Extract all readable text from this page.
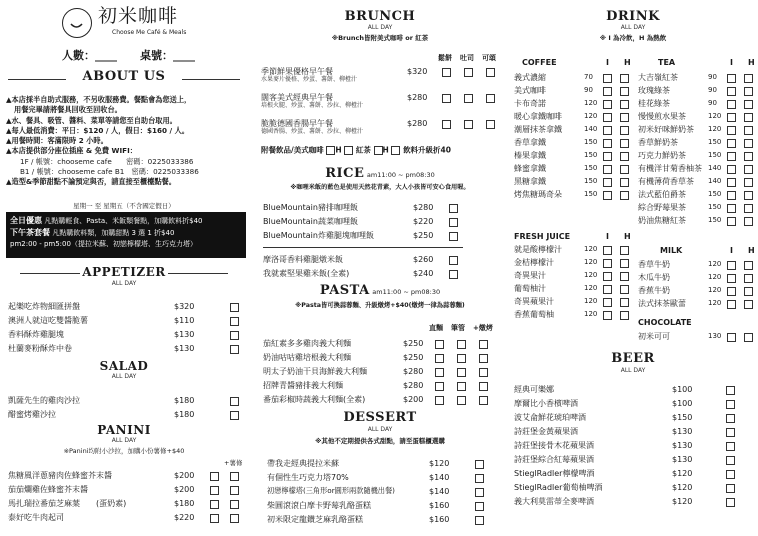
初米咖啡
Choose Me Café & Meals
人數：____ 桌號：____
ABOUT US
▲本店採半自助式服務，不另收服務費。餐點會為您送上，
用餐完畢請將餐具回收至回收台。
▲水、餐具、吸管、醬料、菜單等請您至自助台取用。
▲每人最低消費：平日：$120 / 人，假日：$160 / 人。
▲用餐時間：客滿限時 2 小時。
▲本店提供部分座位插座 & 免費 WIFI：
1F / 帳號：chooseme cafe　　密碼：0225033386
B1 / 帳號：chooseme cafe B1　密碼：0225033386
▲造型&季節甜點不論預定與否，請直接至櫃檯點餐。
星期一 至 星期五（不含國定假日）
全日優惠 凡點購輕食、Pasta、米飯類餐點，加購飲料折$40
下午茶套餐 凡點購飲料類，加購甜點 3 選 1 折$40
pm2:00 - pm5:00（提拉米蘇、初戀檸檬塔、生巧克力塔）
APPETIZER
ALL DAY
起樂吃炸物細匯拼盤	$320
澳洲人就這吃雙醬脆薯	$110
香料酥炸雞腿塊	$130
杜蘭麥粉酥炸中卷	$130
SALAD
ALL DAY
凱薩先生的雞肉沙拉	$180
醋蜜烤雞沙拉	$180
PANINI
ALL DAY
※Panini均附小沙拉，加購小份薯條+$40
+薯條
焦糖風洋蔥豬肉佐蜂蜜芥末醬	$200
茄茄爛雞佐蜂蜜芥末醬	$200
馬扎瑞拉番茄芝麻葉　　(蛋奶素)	$180
泰好吃牛肉起司	$220
BRUNCH
ALL DAY
※Brunch皆附美式咖啡 or 紅茶
鬆餅 吐司 可頌
季節鮮果優格早午餐
水果麥片優格、炒蛋、薯餅、柳橙汁
$320
闊客美式經典早午餐
培根火腿、炒蛋、薯餅、沙拉、柳橙汁
$280
脆脆德國香腸早午餐
德國香腸、炒蛋、薯餅、沙拉、柳橙汁
$280
附餐飲品/美式咖啡 H 紅茶 H 飲料升級折40
RICE am11:00 ~ pm08:30
※咖哩米飯的藍色是使用天然花青素，大人小孩皆可安心食用喔。
BlueMountain豬排咖哩飯	$280
BlueMountain蔬菜咖哩飯	$220
BlueMountain炸雞腿塊咖哩飯	$250
摩洛哥香料雞腿燉米飯	$260
我就素堅果雞米飯(全素)	$240
PASTA am11:00 ~ pm08:30
※Pasta皆可換蒜蓉麵、升級燉烤+$40(燉烤一律為蒜蓉麵)
直麵 筆管 +燉烤
茄紅素多多雞肉義大利麵	$250
奶油咕咕雞培根義大利麵	$250
明太子奶油干貝海鮮義大利麵	$280
招牌青醬豬排義大利麵	$280
番茄彩椒時蔬義大利麵(全素)	$200
DESSERT
ALL DAY
※其他不定期提供各式甜點，請至蛋糕櫃選購
帶我走經典提拉米蘇	$120
有個性生巧克力塔70%	$140
初戀檸檬塔(三角形or圓形兩款隨機出餐)	$140
柴圓滾滾白摩卡野莓乳酪蛋糕	$160
初米限定龍鑽芝麻乳酪蛋糕	$160
DRINK
ALL DAY
※ I 為冷飲，H 為熱飲
COFFEE	I H	TEA	I H
義式濃縮	70
美式咖啡	90
卡布奇諾	120
暖心拿鐵咖啡	120
潮層抹茶拿鐵	140
香草拿鐵	150
榛果拿鐵	150
蜂蜜拿鐵	150
黑糖拿鐵	150
烤焦糖瑪奇朵	150
大吉嶺紅茶	90
玫瑰綠茶	90
桂花綠茶	90
慢慢煎水果茶	120
初米好咪鮮奶茶 120
香草鮮奶茶	150
巧克力鮮奶茶	150
有機洋甘菊香柚茶 140
有機薄荷香草茶 140
法式藍伯爵茶	150
綜合野莓果茶	150
奶油焦糖紅茶	150
FRESH JUICE	I H
就是酸檸檬汁	120
金桔檸檬汁	120
奇異果汁	120
葡萄柚汁	120
奇異蘋果汁	120
香蕉葡萄柚	120
MILK	I H
香草牛奶	120
木瓜牛奶	120
香蕉牛奶	120
法式抹茶歐蕾	120
CHOCOLATE
初米可可	130
BEER
ALL DAY
經典可樂娜	$100
摩爾比小香檳啤酒	$100
波艾侖鮮花琥珀啤酒	$150
詩莊堡金黃蘋果酒	$130
詩莊堡接骨木花蘋果酒	$130
詩莊堡綜合紅莓蘋果酒	$130
StieglRadler檸檬啤酒	$120
StieglRadler葡萄柚啤酒	$120
義大利莫雷蒂全麥啤酒	$120
